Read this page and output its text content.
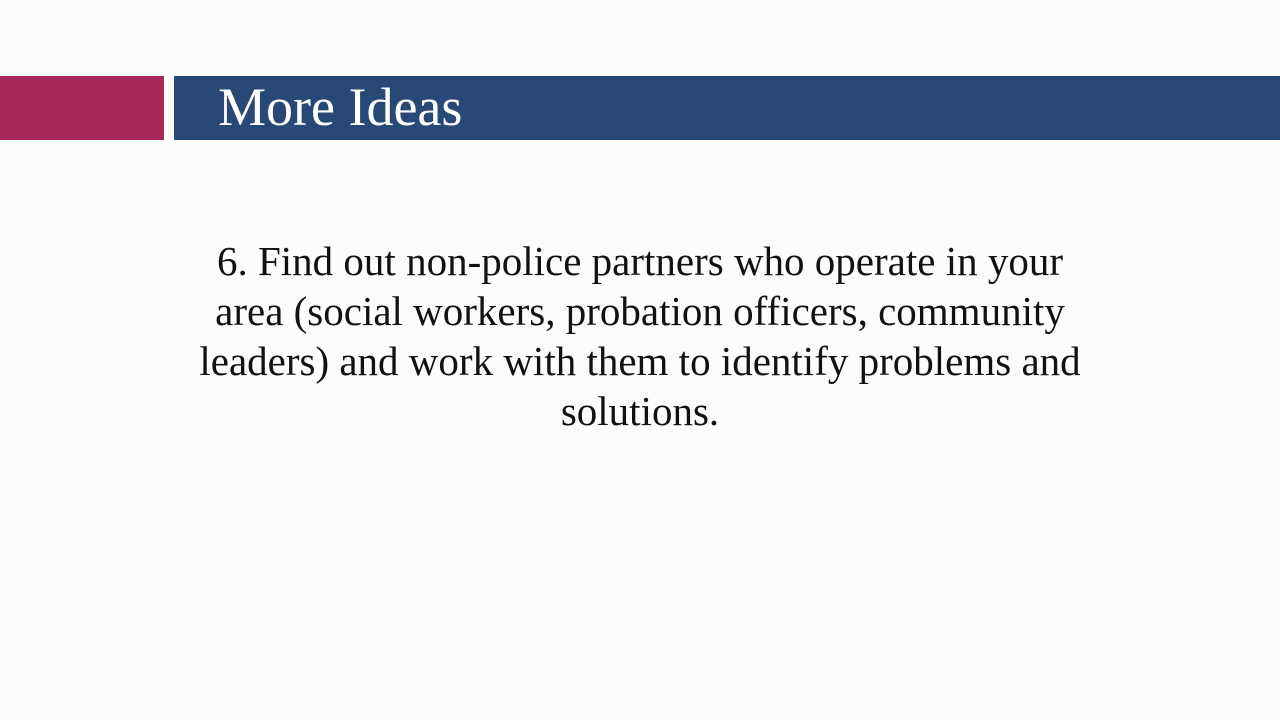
More Ideas
6. Find out non-police partners who operate in your area (social workers, probation officers, community leaders) and work with them to identify problems and solutions.
